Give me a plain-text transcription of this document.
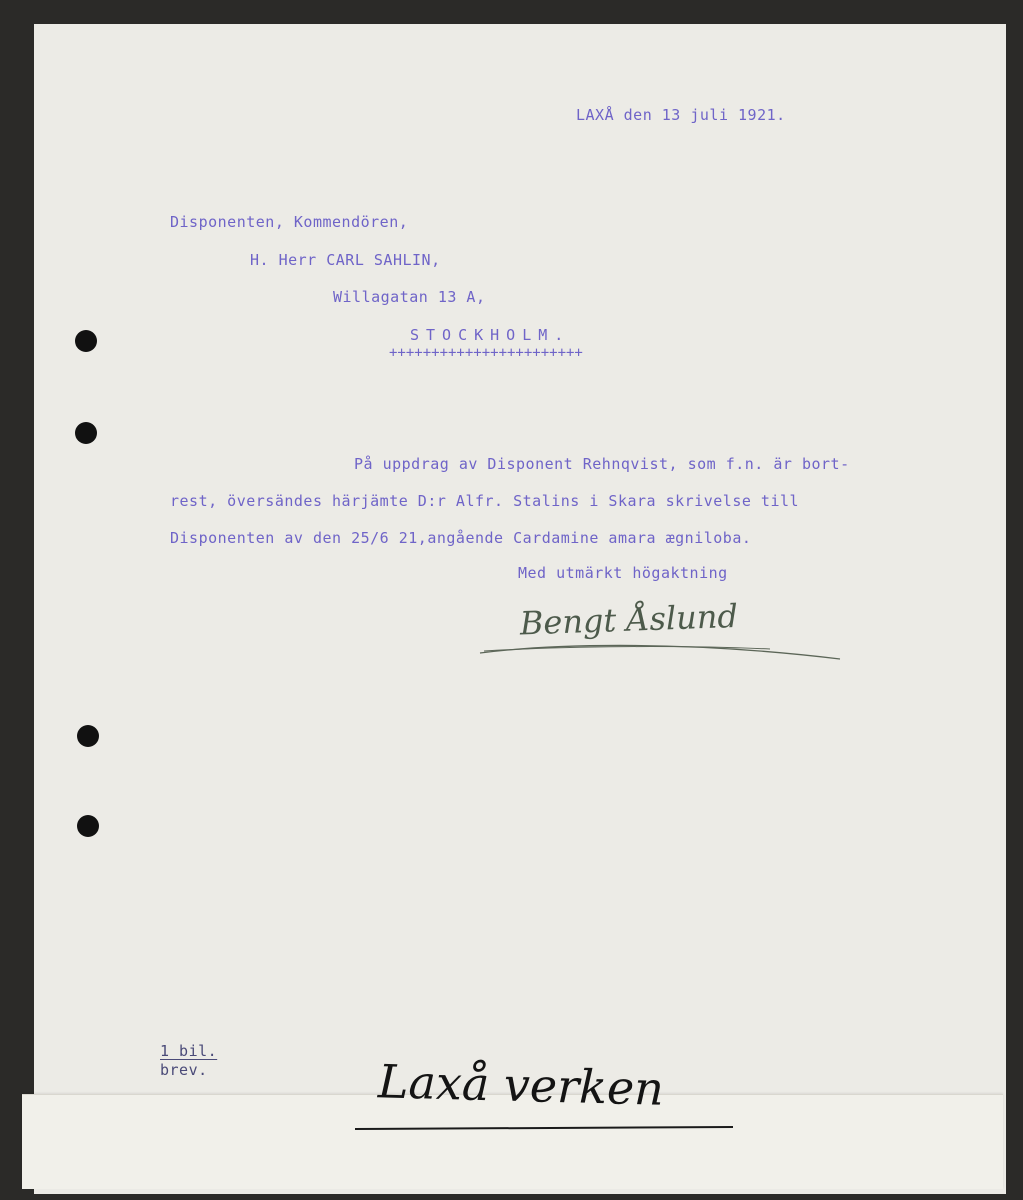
LAXÅ den 13 juli 1921.
Disponenten, Kommendören,
H. Herr CARL SAHLIN,
Willagatan 13 A,
STOCKHOLM.
+++++++++++++++++++++++
På uppdrag av Disponent Rehnqvist, som f.n. är bort-
rest, översändes härjämte D:r Alfr. Stalins i Skara skrivelse till
Disponenten av den 25/6 21,angående Cardamine amara ægniloba.
Med utmärkt högaktning
Bengt Åslund
1 bil.
brev.	Laxå verken
